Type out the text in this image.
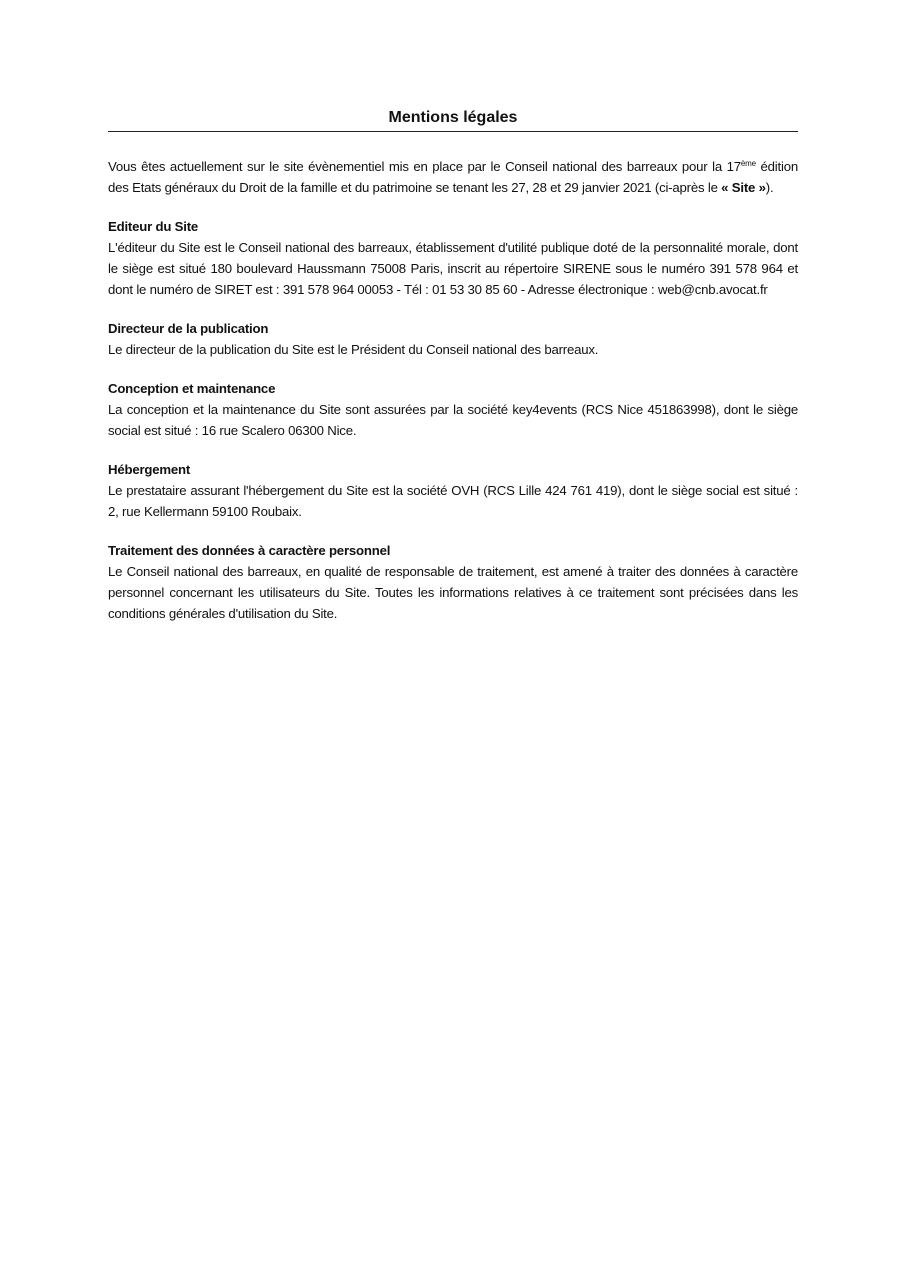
Mentions légales

Vous êtes actuellement sur le site évènementiel mis en place par le Conseil national des barreaux pour la 17ème édition des Etats généraux du Droit de la famille et du patrimoine se tenant les 27, 28 et 29 janvier 2021 (ci-après le « Site »).

Editeur du Site

L'éditeur du Site est le Conseil national des barreaux, établissement d'utilité publique doté de la personnalité morale, dont le siège est situé 180 boulevard Haussmann 75008 Paris, inscrit au répertoire SIRENE sous le numéro 391 578 964 et dont le numéro de SIRET est : 391 578 964 00053 - Tél : 01 53 30 85 60 - Adresse électronique : web@cnb.avocat.fr

Directeur de la publication

Le directeur de la publication du Site est le Président du Conseil national des barreaux.

Conception et maintenance

La conception et la maintenance du Site sont assurées par la société key4events (RCS Nice 451863998), dont le siège social est situé : 16 rue Scalero 06300 Nice.

Hébergement

Le prestataire assurant l'hébergement du Site est la société OVH (RCS Lille 424 761 419), dont le siège social est situé : 2, rue Kellermann 59100 Roubaix.

Traitement des données à caractère personnel

Le Conseil national des barreaux, en qualité de responsable de traitement, est amené à traiter des données à caractère personnel concernant les utilisateurs du Site. Toutes les informations relatives à ce traitement sont précisées dans les conditions générales d'utilisation du Site.
